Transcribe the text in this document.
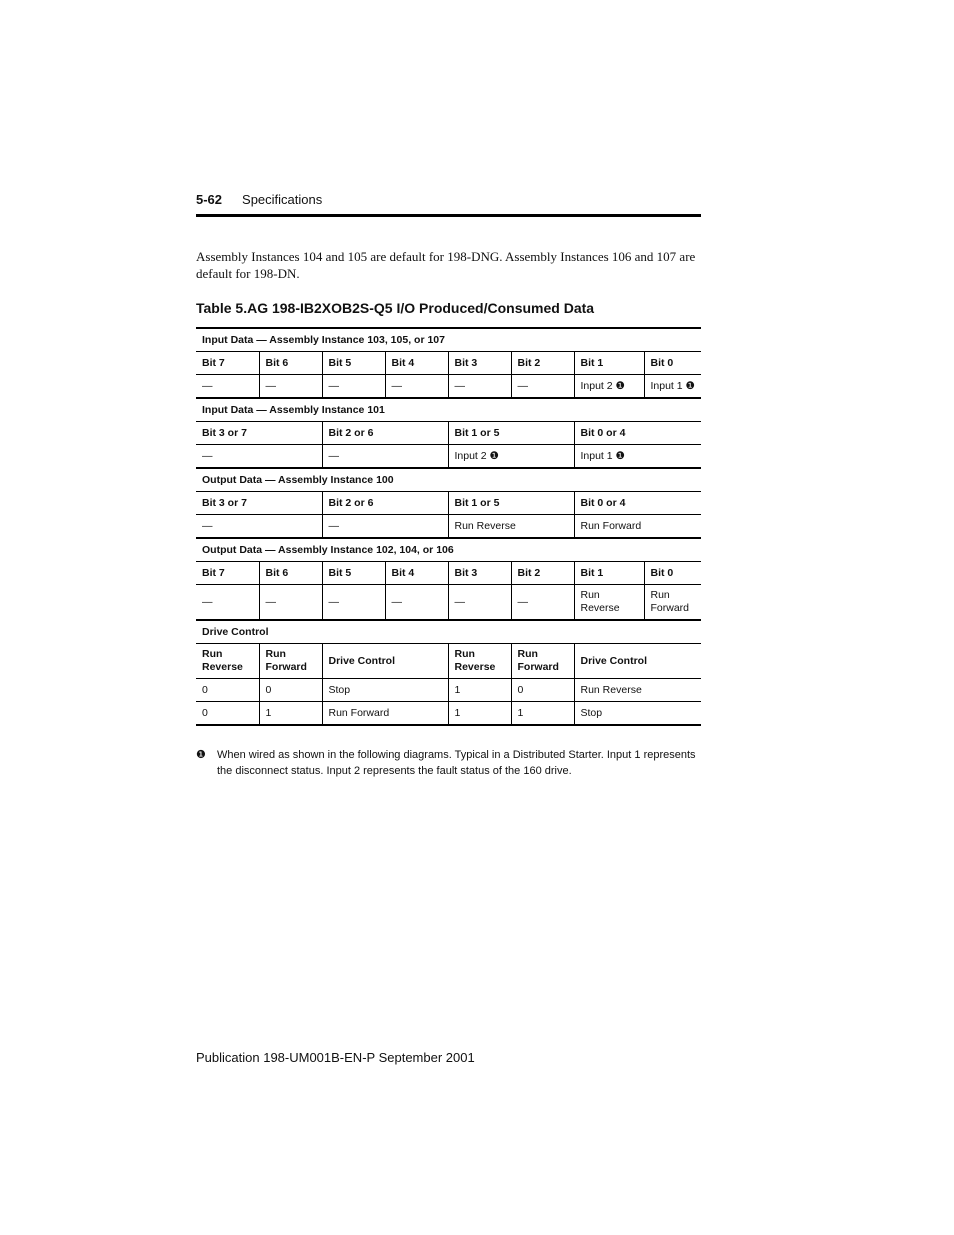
5-62 Specifications

Assembly Instances 104 and 105 are default for 198-DNG. Assembly Instances 106 and 107 are default for 198-DN.

Table 5.AG 198-IB2XOB2S-Q5 I/O Produced/Consumed Data
Input Data — Assembly Instance 103, 105, or 107							
Bit 7	Bit 6	Bit 5	Bit 4	Bit 3	Bit 2	Bit 1	Bit 0
—	—	—	—	—	—	Input 2 ❶	Input 1 ❶
Input Data — Assembly Instance 101							
Bit 3 or 7		Bit 2 or 6		Bit 1 or 5		Bit 0 or 4	
—		—		Input 2 ❶		Input 1 ❶	
Output Data — Assembly Instance 100							
Bit 3 or 7		Bit 2 or 6		Bit 1 or 5		Bit 0 or 4	
—		—		Run Reverse		Run Forward	
Output Data — Assembly Instance 102, 104, or 106							
Bit 7	Bit 6	Bit 5	Bit 4	Bit 3	Bit 2	Bit 1	Bit 0
—	—	—	—	—	—	Run Reverse	Run Forward
Drive Control							
Run Reverse	Run Forward	Drive Control		Run Reverse	Run Forward	Drive Control	
0	0	Stop		1	0	Run Reverse	
0	1	Run Forward		1	1	Stop	
❶	When wired as shown in the following diagrams. Typical in a Distributed Starter. Input 1 represents the disconnect status. Input 2 represents the fault status of the 160 drive.
Publication 198-UM001B-EN-P September 2001
